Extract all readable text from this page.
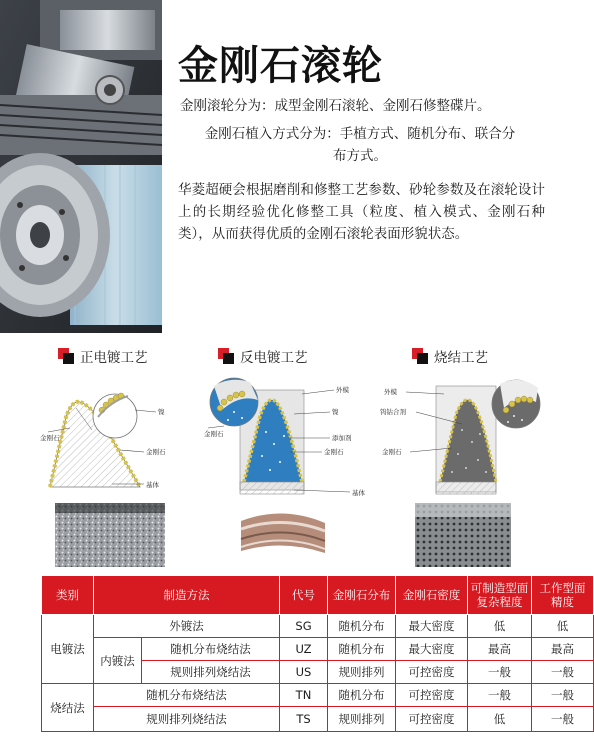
金刚石滚轮

金刚滚轮分为：成型金刚石滚轮、金刚石修整碟片。

金刚石植入方式分为：手植方式、随机分布、联合分
布方式。

华菱超硬会根据磨削和修整工艺参数、砂轮参数及在滚轮设计上的长期经验优化修整工具（粒度、植入模式、金刚石种类），从而获得优质的金刚石滚轮表面形貌状态。

正电镀工艺	反电镀工艺	烧结工艺
镍
金刚石
金刚石
基体
外模
镍
金刚石	添加剂
金刚石
基体
外模
钨钴合剂
金刚石
类别	制造方法		代号	金刚石分布	金刚石密度	可制造型面复杂程度	工作型面精度
电镀法	外镀法		SG	随机分布	最大密度	低	低
	内镀法	随机分布烧结法	UZ	随机分布	最大密度	最高	最高
		规则排列烧结法	US	规则排列	可控密度	一般	一般
烧结法	随机分布烧结法		TN	随机分布	可控密度	一般	一般
	规则排列烧结法		TS	规则排列	可控密度	低	一般
